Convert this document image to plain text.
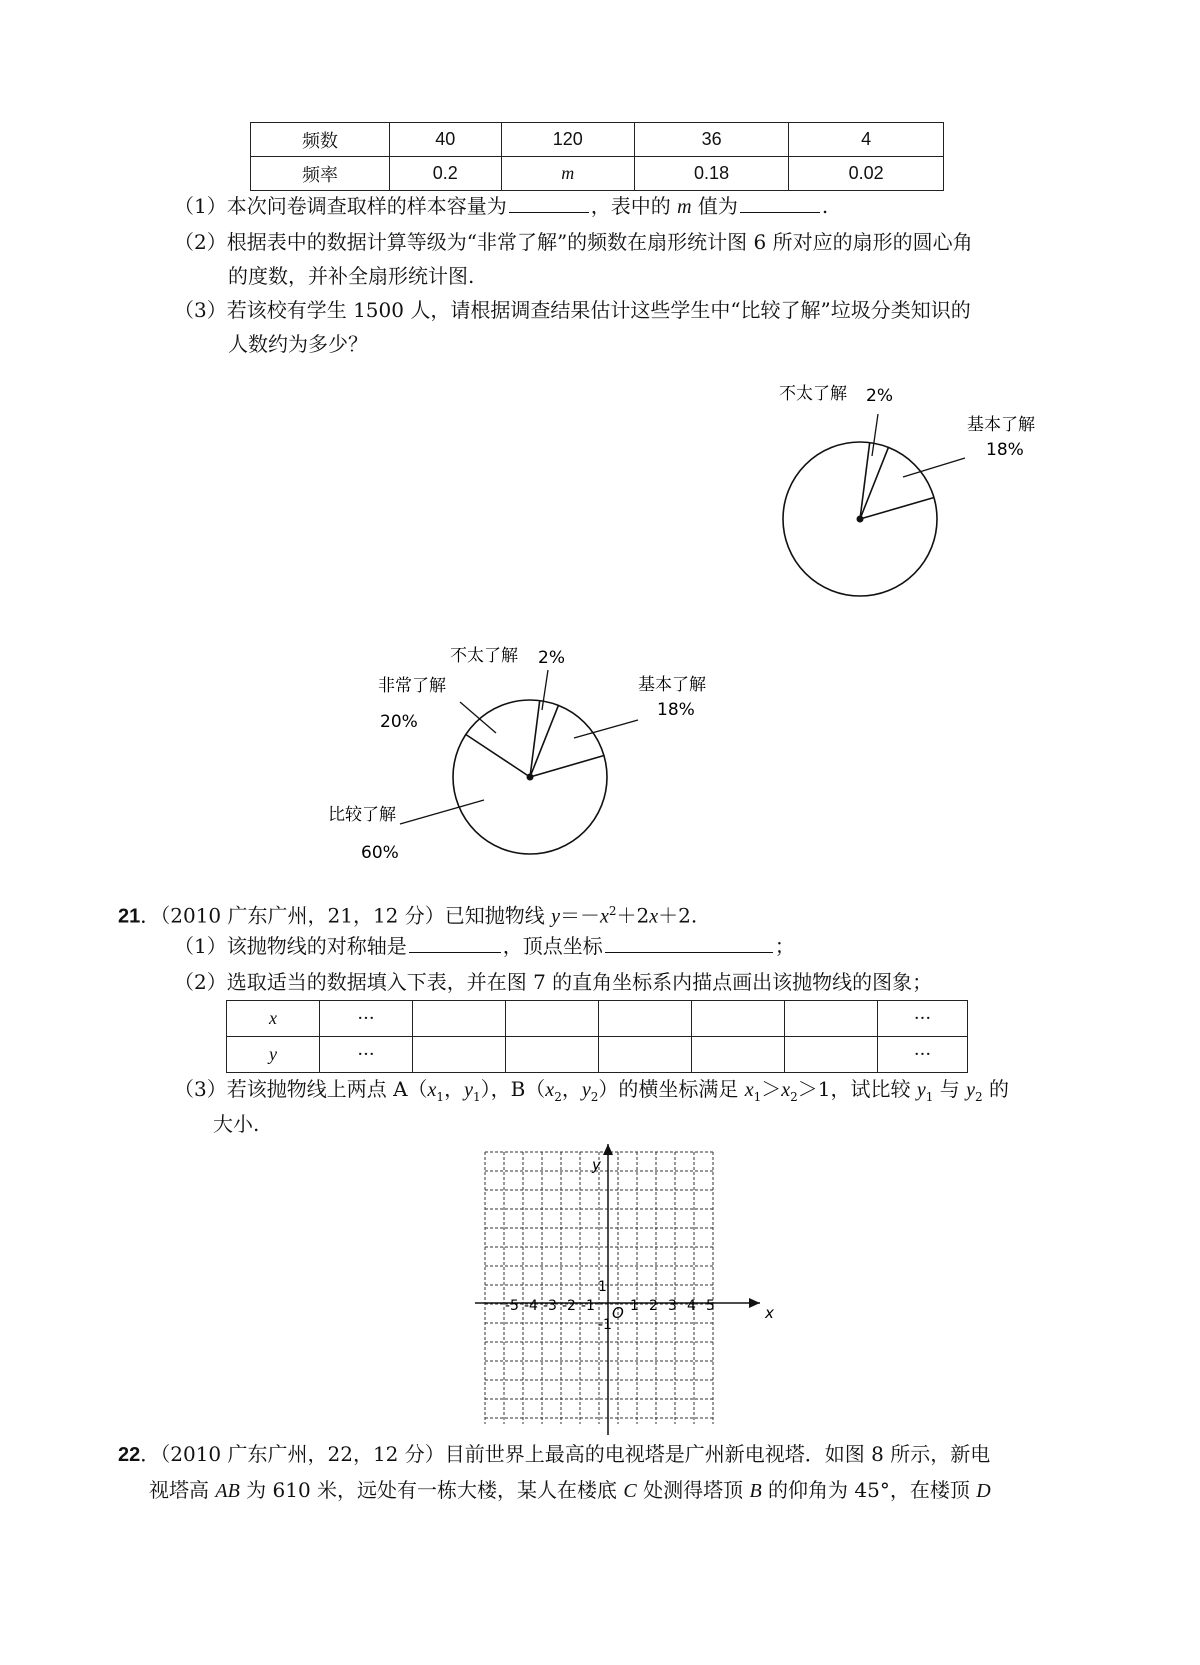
频数	40	120	36	4
频率	0.2	m	0.18	0.02
（1）本次问卷调查取样的样本容量为	，表中的 m 值为	.
（2）根据表中的数据计算等级为“非常了解”的频数在扇形统计图 6 所对应的扇形的圆心角
的度数，并补全扇形统计图.
（3）若该校有学生 1500 人，请根据调查结果估计这些学生中“比较了解”垃圾分类知识的
人数约为多少？
不太了解 2%
基本了解
18%
不太了解 2%
非常了解
20%
基本了解
18%
比较了解
60%
21．（2010 广东广州，21，12 分）已知抛物线 $y=-x^2+2x+2$.
（1）该抛物线的对称轴是	，顶点坐标	；
（2）选取适当的数据填入下表，并在图 7 的直角坐标系内描点画出该抛物线的图象；
x	···						···
y	···						···
（3）若该抛物线上两点 $A(x_1$，$y_1$），$B(x_2$，$y_2$）的横坐标满足 $x_1>x_2>1$，试比较 $y_1$ 与 $y_2$ 的
大小.
x
y
O
-5 -4 -3 -2 -1	1 2 3 4 5
1
-1
22．（2010 广东广州，22，12 分）目前世界上最高的电视塔是广州新电视塔．如图 8 所示，新电
视塔高 AB 为 610 米，远处有一栋大楼，某人在楼底 C 处测得塔顶 B 的仰角为 45°，在楼顶 D
